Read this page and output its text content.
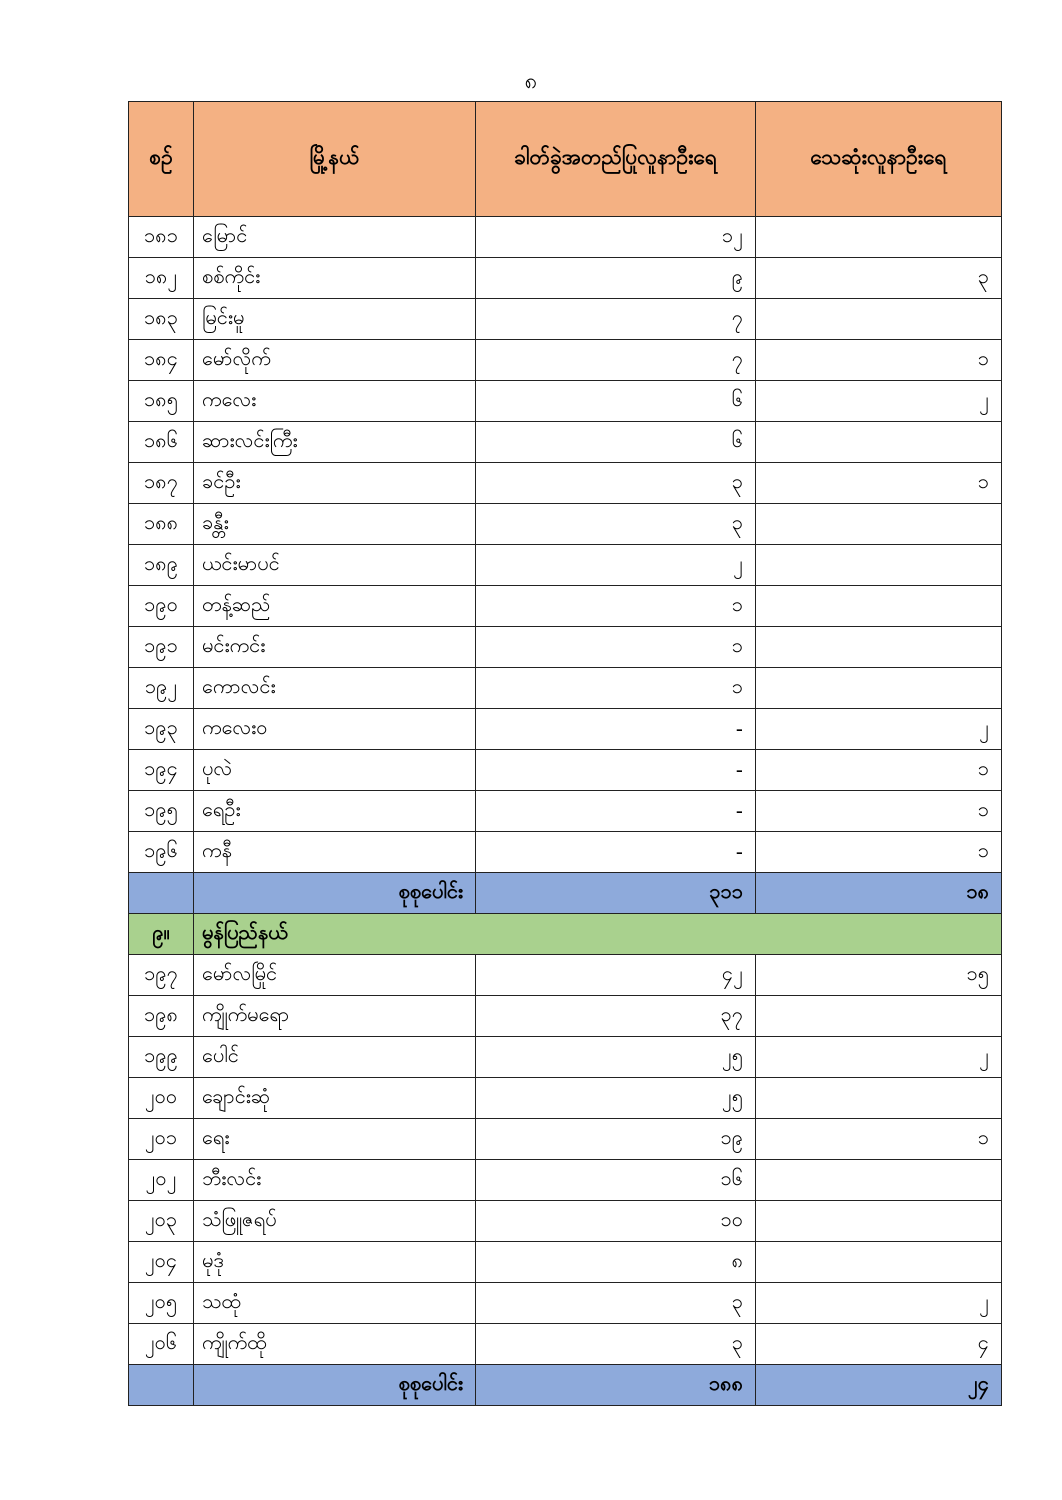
၈
စဉ်	မြို့နယ်	ခါတ်ခွဲအတည်ပြုလူနာဦးရေ	သေဆုံးလူနာဦးရေ
၁၈၁	မြောင်	၁၂	
၁၈၂	စစ်ကိုင်း	၉	၃
၁၈၃	မြင်းမူ	၇	
၁၈၄	မော်လိုက်	၇	၁
၁၈၅	ကလေး	၆	၂
၁၈၆	ဆားလင်းကြီး	၆	
၁၈၇	ခင်ဦး	၃	၁
၁၈၈	ခန္တီး	၃	
၁၈၉	ယင်းမာပင်	၂	
၁၉၀	တန့်ဆည်	၁	
၁၉၁	မင်းကင်း	၁	
၁၉၂	ကောလင်း	၁	
၁၉၃	ကလေးဝ	-	၂
၁၉၄	ပုလဲ	-	၁
၁၉၅	ရေဦး	-	၁
၁၉၆	ကနီ	-	၁
	စုစုပေါင်း	၃၁၁	၁၈
၉။	မွန်ပြည်နယ်		
၁၉၇	မော်လမြိုင်	၄၂	၁၅
၁၉၈	ကျိုက်မရော	၃၇	
၁၉၉	ပေါင်	၂၅	၂
၂၀၀	ချောင်းဆုံ	၂၅	
၂၀၁	ရေး	၁၉	၁
၂၀၂	ဘီးလင်း	၁၆	
၂၀၃	သံဖြူဇရပ်	၁၀	
၂၀၄	မုဒုံ	၈	
၂၀၅	သထုံ	၃	၂
၂၀၆	ကျိုက်ထို	၃	၄
	စုစုပေါင်း	၁၈၈	၂၄
